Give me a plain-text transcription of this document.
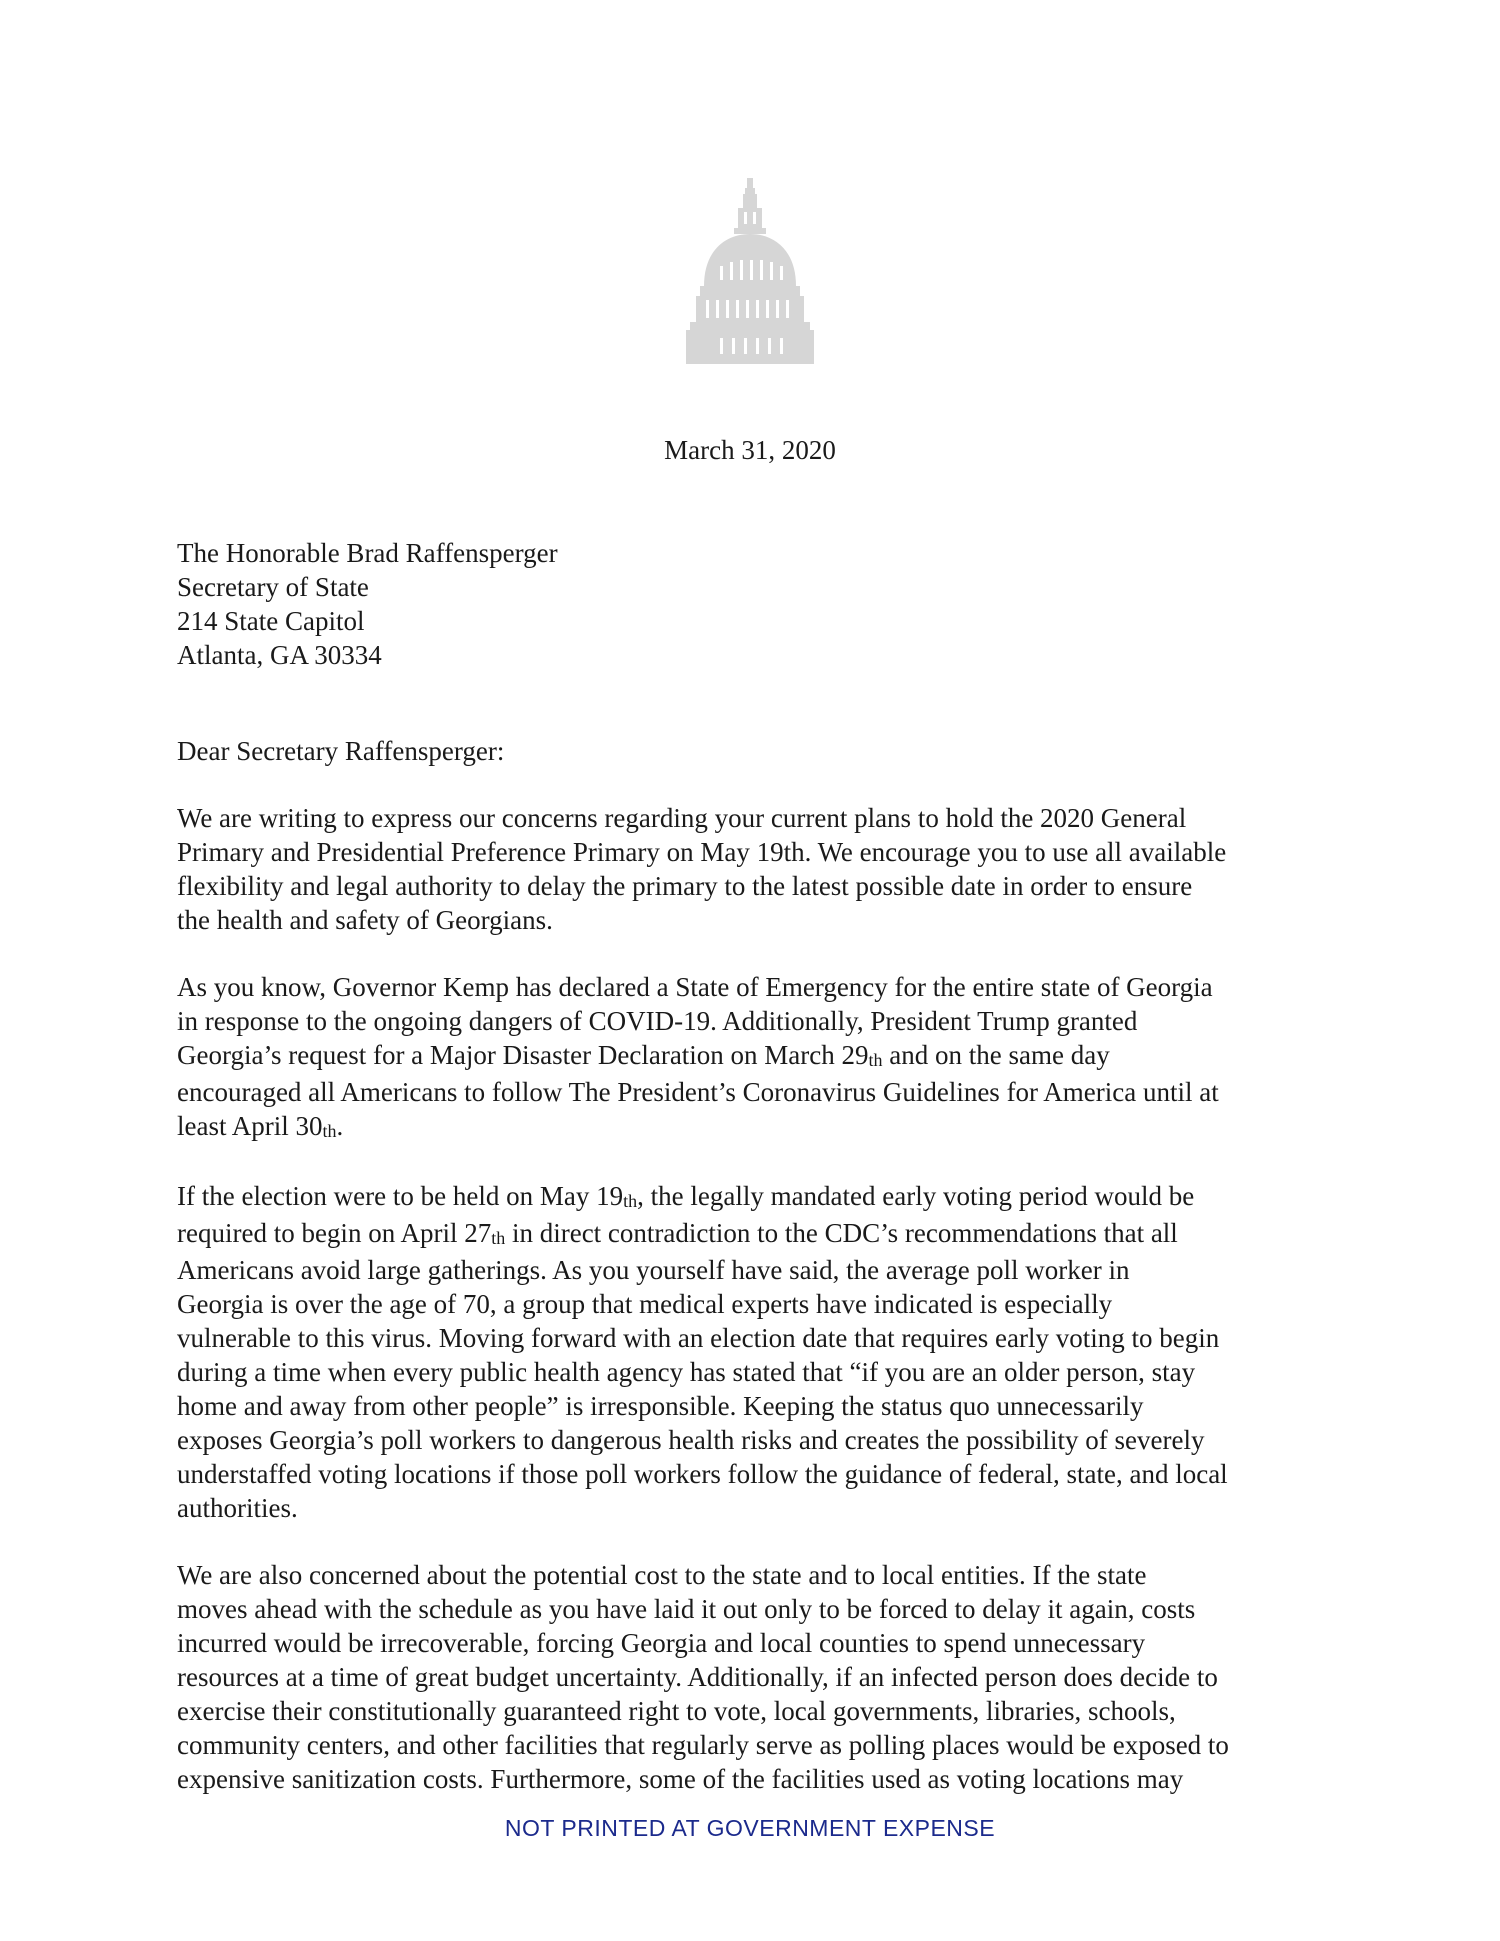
March 31, 2020
The Honorable Brad Raffensperger
Secretary of State
214 State Capitol
Atlanta, GA 30334
Dear Secretary Raffensperger:
We are writing to express our concerns regarding your current plans to hold the 2020 General
Primary and Presidential Preference Primary on May 19th. We encourage you to use all available
flexibility and legal authority to delay the primary to the latest possible date in order to ensure
the health and safety of Georgians.
As you know, Governor Kemp has declared a State of Emergency for the entire state of Georgia
in response to the ongoing dangers of COVID-19. Additionally, President Trump granted
Georgia’s request for a Major Disaster Declaration on March 29th and on the same day
encouraged all Americans to follow The President’s Coronavirus Guidelines for America until at
least April 30th.
If the election were to be held on May 19th, the legally mandated early voting period would be
required to begin on April 27th in direct contradiction to the CDC’s recommendations that all
Americans avoid large gatherings. As you yourself have said, the average poll worker in
Georgia is over the age of 70, a group that medical experts have indicated is especially
vulnerable to this virus. Moving forward with an election date that requires early voting to begin
during a time when every public health agency has stated that “if you are an older person, stay
home and away from other people” is irresponsible. Keeping the status quo unnecessarily
exposes Georgia’s poll workers to dangerous health risks and creates the possibility of severely
understaffed voting locations if those poll workers follow the guidance of federal, state, and local
authorities.
We are also concerned about the potential cost to the state and to local entities. If the state
moves ahead with the schedule as you have laid it out only to be forced to delay it again, costs
incurred would be irrecoverable, forcing Georgia and local counties to spend unnecessary
resources at a time of great budget uncertainty. Additionally, if an infected person does decide to
exercise their constitutionally guaranteed right to vote, local governments, libraries, schools,
community centers, and other facilities that regularly serve as polling places would be exposed to
expensive sanitization costs. Furthermore, some of the facilities used as voting locations may
NOT PRINTED AT GOVERNMENT EXPENSE
